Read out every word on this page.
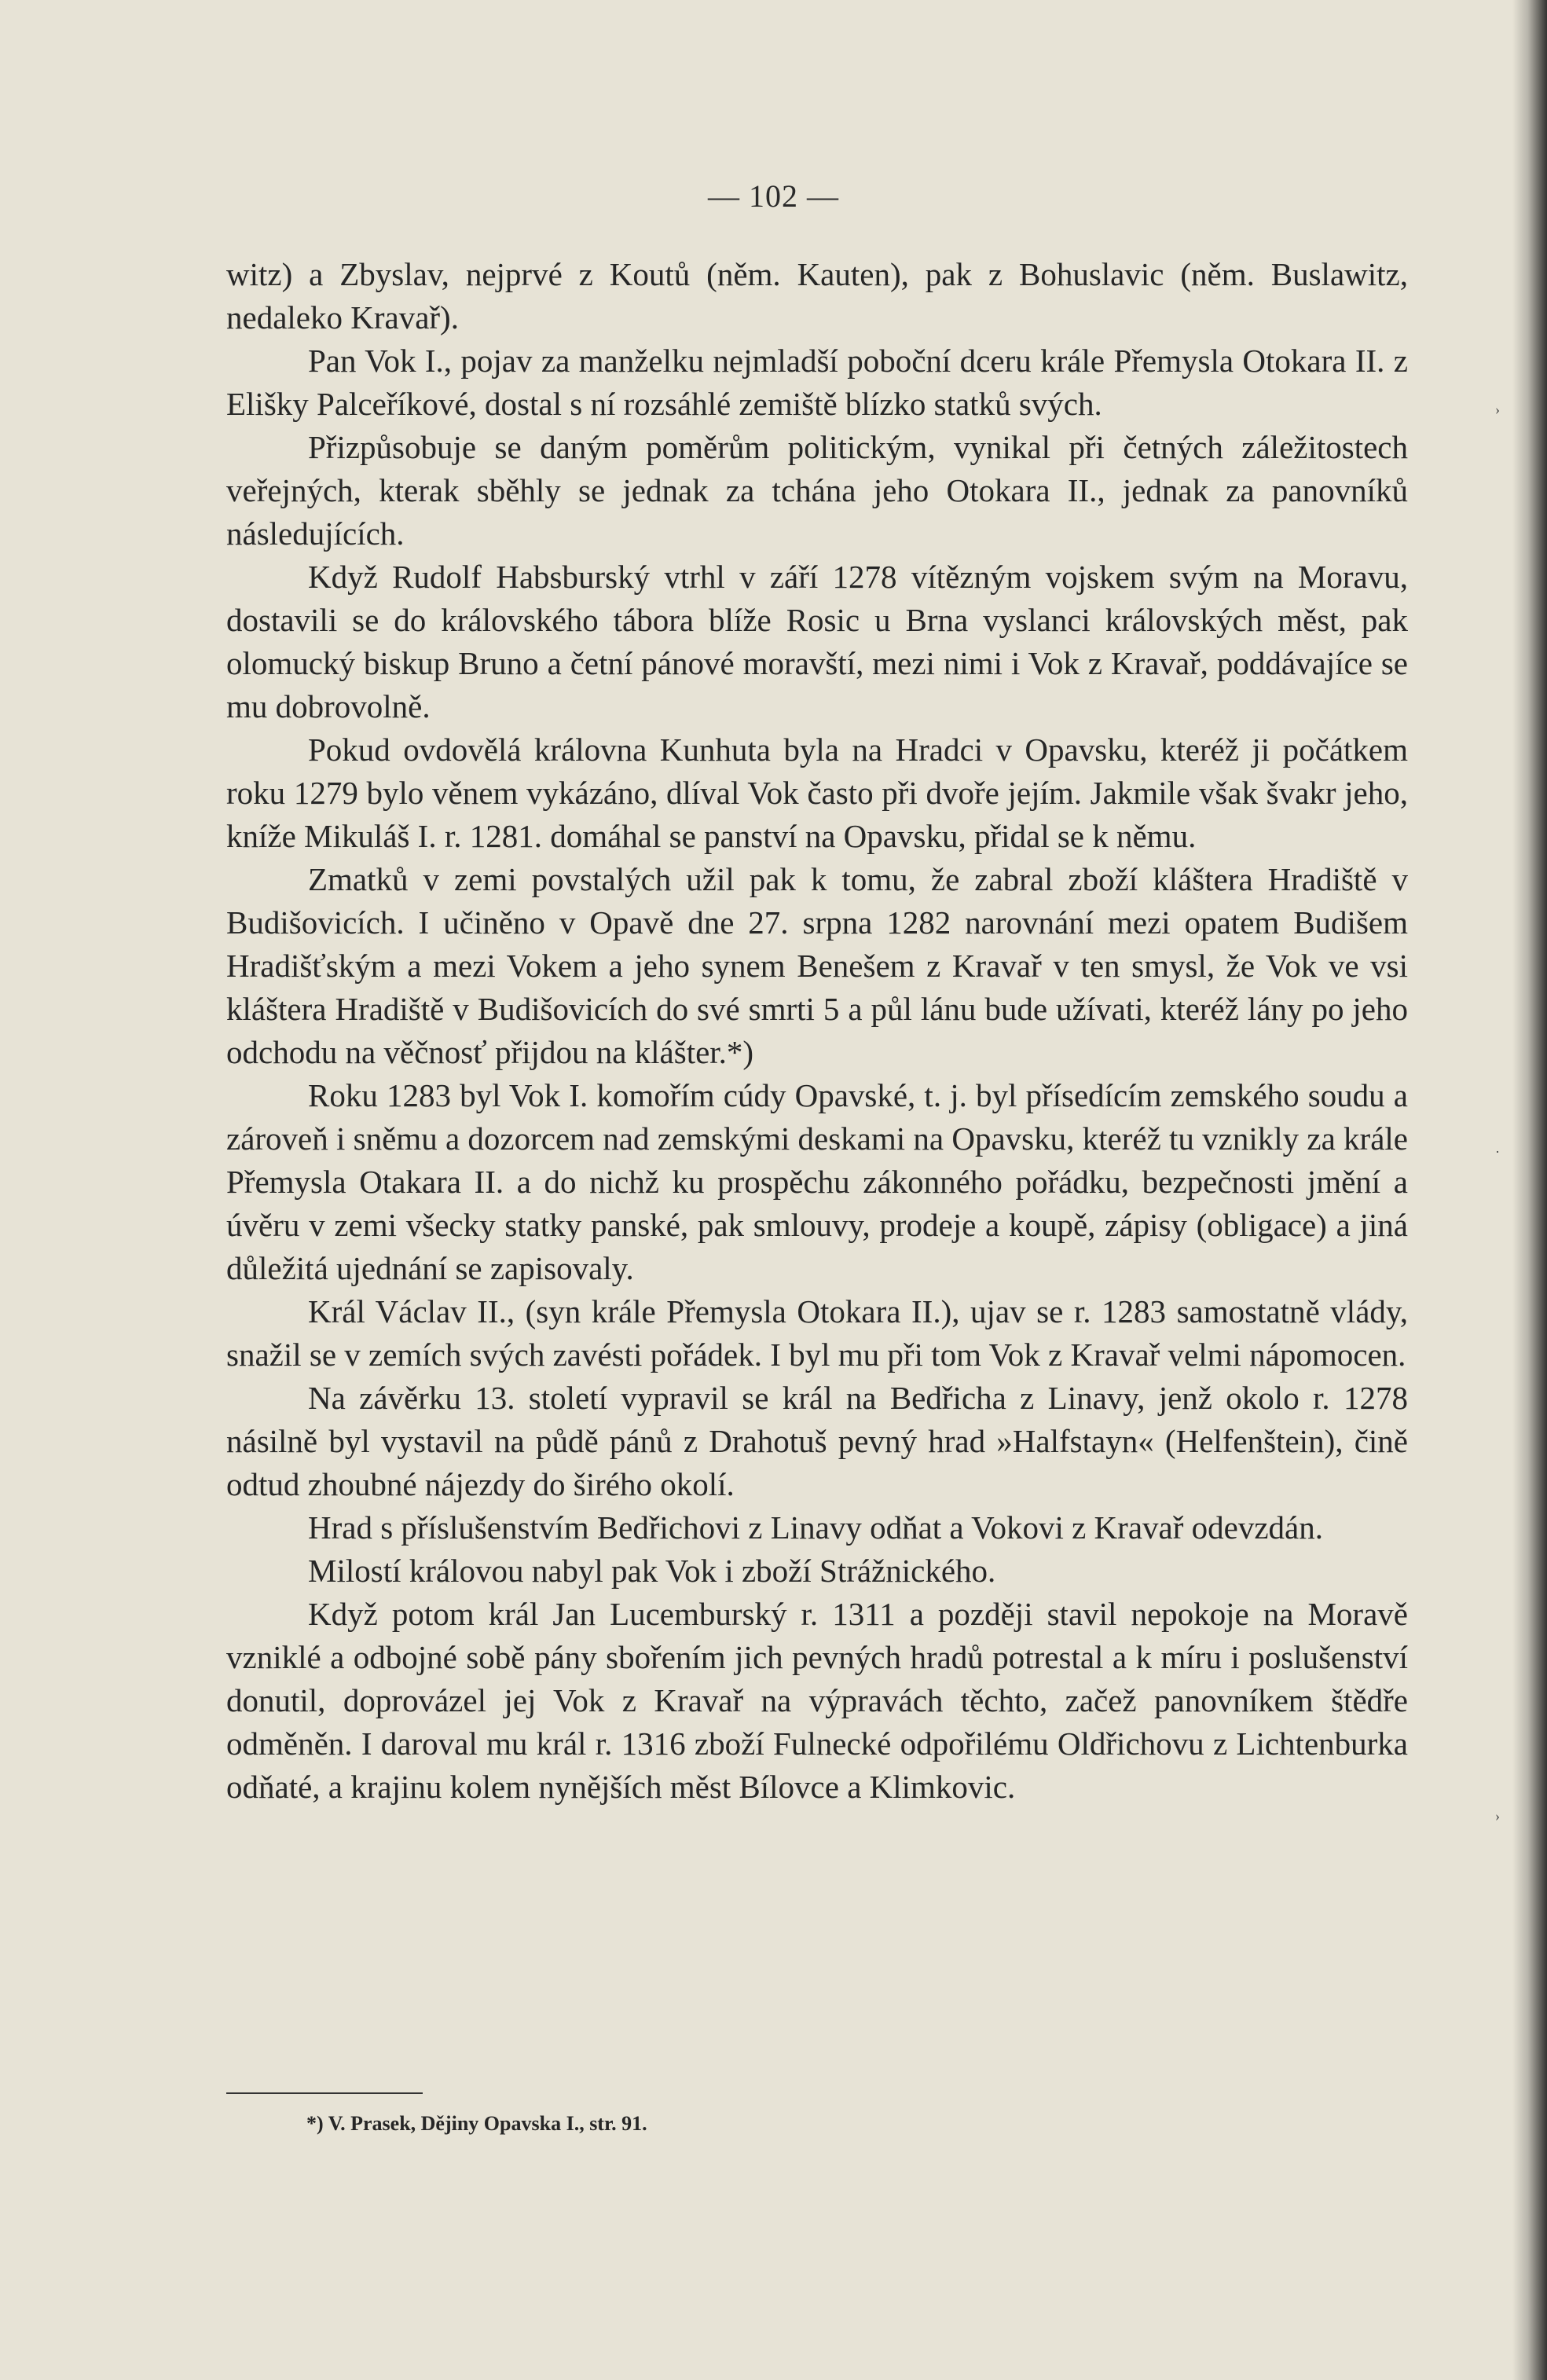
›
·
›
— 102 —

witz) a Zbyslav, nejprvé z Koutů (něm. Kauten), pak z Bohuslavic (něm. Buslawitz, nedaleko Kravař).

Pan Vok I., pojav za manželku nejmladší poboční dceru krále Přemysla Otokara II. z Elišky Palceříkové, dostal s ní rozsáhlé zemiště blízko statků svých.

Přizpůsobuje se daným poměrům politickým, vynikal při četných záležitostech veřejných, kterak sběhly se jednak za tchána jeho Otokara II., jednak za panovníků následujících.

Když Rudolf Habsburský vtrhl v září 1278 vítězným vojskem svým na Moravu, dostavili se do královského tábora blíže Rosic u Brna vyslanci královských měst, pak olomucký biskup Bruno a četní pánové moravští, mezi nimi i Vok z Kravař, poddávajíce se mu dobrovolně.

Pokud ovdovělá královna Kunhuta byla na Hradci v Opavsku, kteréž ji počátkem roku 1279 bylo věnem vykázáno, dlíval Vok často při dvoře jejím. Jakmile však švakr jeho, kníže Mikuláš I. r. 1281. domáhal se panství na Opavsku, přidal se k němu.

Zmatků v zemi povstalých užil pak k tomu, že zabral zboží kláštera Hradiště v Budišovicích. I učiněno v Opavě dne 27. srpna 1282 narovnání mezi opatem Budišem Hradišťským a mezi Vokem a jeho synem Benešem z Kravař v ten smysl, že Vok ve vsi kláštera Hradiště v Budišovicích do své smrti 5 a půl lánu bude užívati, kteréž lány po jeho odchodu na věčnosť přijdou na klášter.*)

Roku 1283 byl Vok I. komořím cúdy Opavské, t. j. byl přísedícím zemského soudu a zároveň i sněmu a dozorcem nad zemskými deskami na Opavsku, kteréž tu vznikly za krále Přemysla Otakara II. a do nichž ku prospěchu zákonného pořádku, bezpečnosti jmění a úvěru v zemi všecky statky panské, pak smlouvy, prodeje a koupě, zápisy (obligace) a jiná důležitá ujednání se zapisovaly.

Král Václav II., (syn krále Přemysla Otokara II.), ujav se r. 1283 samostatně vlády, snažil se v zemích svých zavésti pořádek. I byl mu při tom Vok z Kravař velmi nápomocen.

Na závěrku 13. století vypravil se král na Bedřicha z Linavy, jenž okolo r. 1278 násilně byl vystavil na půdě pánů z Drahotuš pevný hrad »Halfstayn« (Helfenštein), čině odtud zhoubné nájezdy do širého okolí.

Hrad s příslušenstvím Bedřichovi z Linavy odňat a Vokovi z Kravař odevzdán.

Milostí královou nabyl pak Vok i zboží Strážnického.

Když potom král Jan Lucemburský r. 1311 a později stavil nepokoje na Moravě vzniklé a odbojné sobě pány sbořením jich pevných hradů potrestal a k míru i poslušenství donutil, doprovázel jej Vok z Kravař na výpravách těchto, začež panovníkem štědře odměněn. I daroval mu král r. 1316 zboží Fulnecké odpořilému Oldřichovu z Lichtenburka odňaté, a krajinu kolem nynějších měst Bílovce a Klimkovic.

*) V. Prasek, Dějiny Opavska I., str. 91.
